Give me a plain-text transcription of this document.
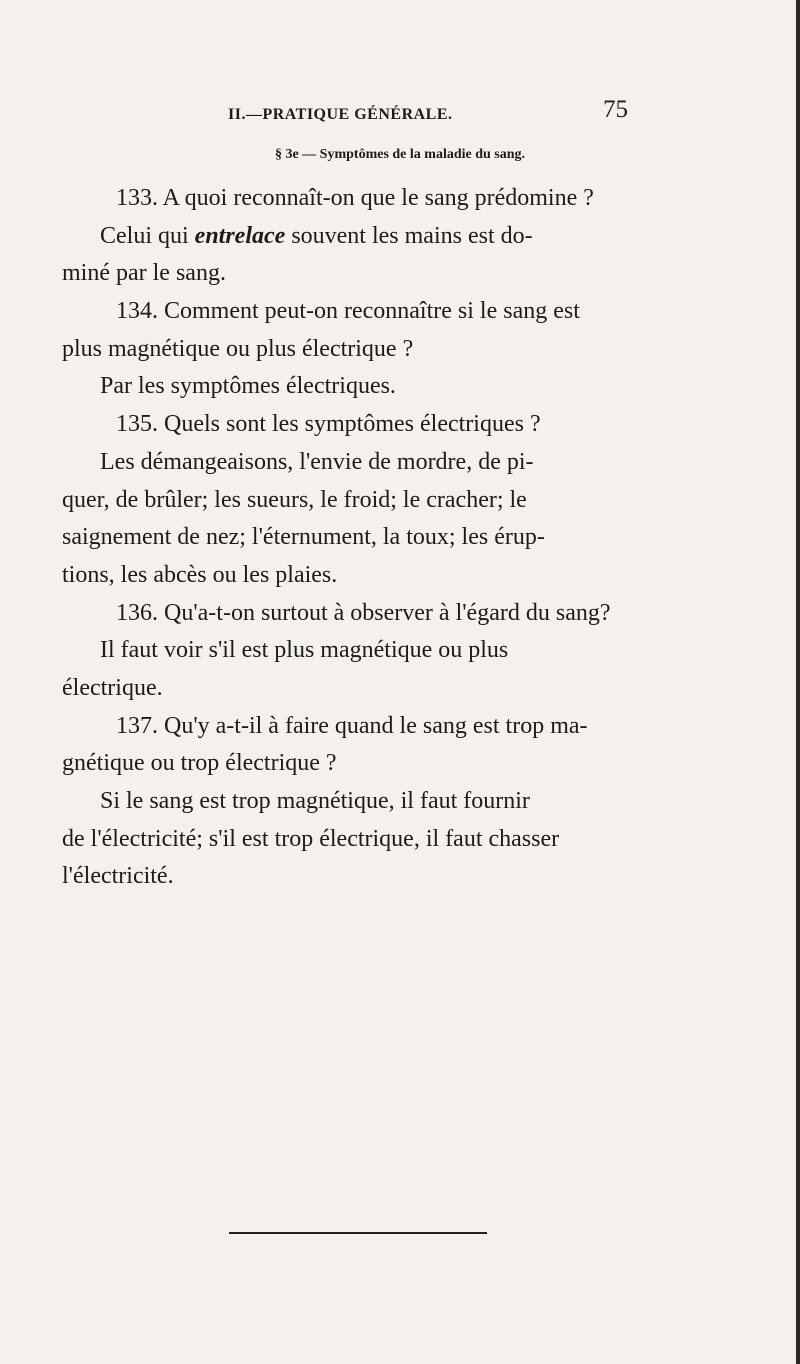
II.—PRATIQUE GÉNÉRALE.	75
§ 3e — Symptômes de la maladie du sang.
133. A quoi reconnaît-on que le sang prédomine ?
Celui qui entrelace souvent les mains est do-
miné par le sang.
134. Comment peut-on reconnaître si le sang est
plus magnétique ou plus électrique ?
Par les symptômes électriques.
135. Quels sont les symptômes électriques ?
Les démangeaisons, l'envie de mordre, de pi-
quer, de brûler; les sueurs, le froid; le cracher; le
saignement de nez; l'éternument, la toux; les érup-
tions, les abcès ou les plaies.
136. Qu'a-t-on surtout à observer à l'égard du sang?
Il faut voir s'il est plus magnétique ou plus
électrique.
137. Qu'y a-t-il à faire quand le sang est trop ma-
gnétique ou trop électrique ?
Si le sang est trop magnétique, il faut fournir
de l'électricité; s'il est trop électrique, il faut chasser
l'électricité.
